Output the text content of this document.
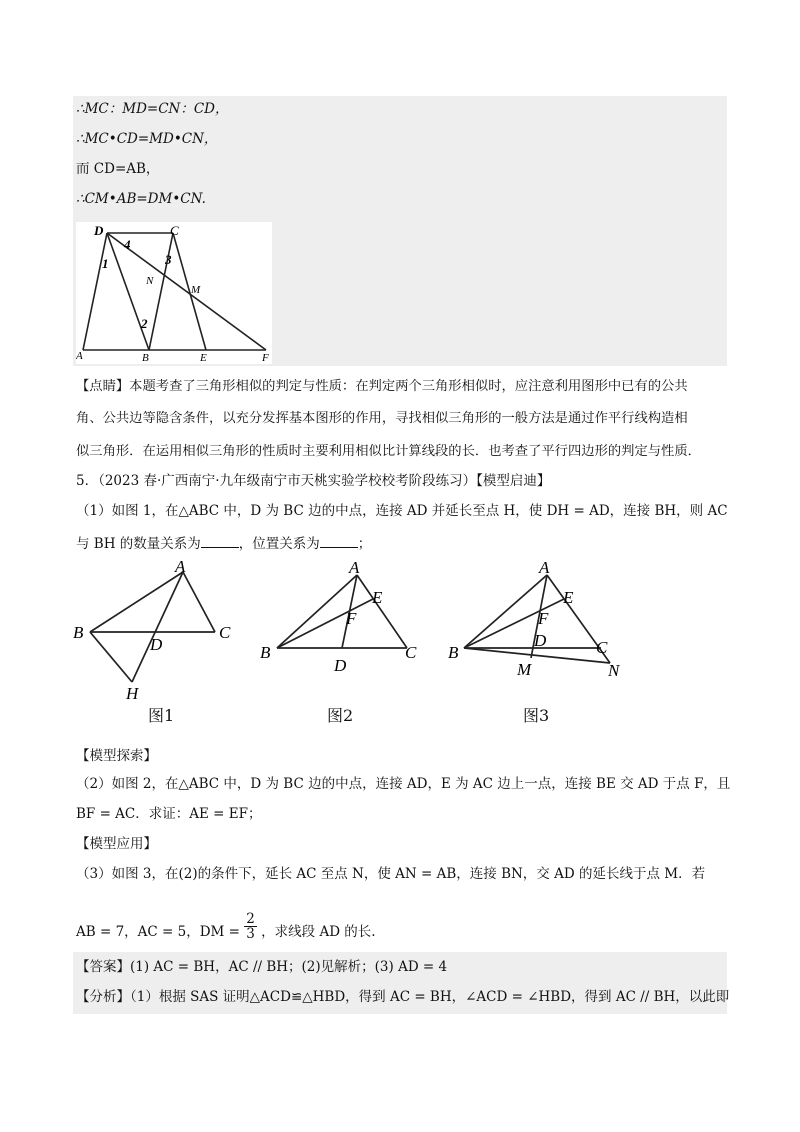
∴MC：MD=CN：CD，
∴MC•CD=MD•CN，
而 CD=AB，
∴CM•AB=DM•CN.
D	C
4
1	3
N
M
2
A	B	E	F
【点睛】本题考查了三角形相似的判定与性质：在判定两个三角形相似时，应注意利用图形中已有的公共
角、公共边等隐含条件，以充分发挥基本图形的作用，寻找相似三角形的一般方法是通过作平行线构造相
似三角形．在运用相似三角形的性质时主要利用相似比计算线段的长．也考查了平行四边形的判定与性质．
5．（2023 春·广西南宁·九年级南宁市天桃实验学校校考阶段练习）【模型启迪】
（1）如图 1，在△ABC 中，D 为 BC 边的中点，连接 AD 并延长至点 H，使 DH = AD，连接 BH，则 AC
与 BH 的数量关系为	，位置关系为	；
A
B	C
D
H
A
E
F
B
D
C
A
E
F
D
B	C
M	N
图1	图2	图3
【模型探索】
（2）如图 2，在△ABC 中，D 为 BC 边的中点，连接 AD，E 为 AC 边上一点，连接 BE 交 AD 于点 F，且
BF = AC．求证：AE = EF；
【模型应用】
（3）如图 3，在(2)的条件下，延长 AC 至点 N，使 AN = AB，连接 BN，交 AD 的延长线于点 M．若
AB = 7，AC = 5，DM = $\frac{2}{3}$ ，求线段 AD 的长.
【答案】(1) AC = BH，AC // BH；(2)见解析；(3) AD = 4
【分析】（1）根据 SAS 证明△ACD≌△HBD，得到 AC = BH，∠ACD = ∠HBD，得到 AC // BH，以此即
